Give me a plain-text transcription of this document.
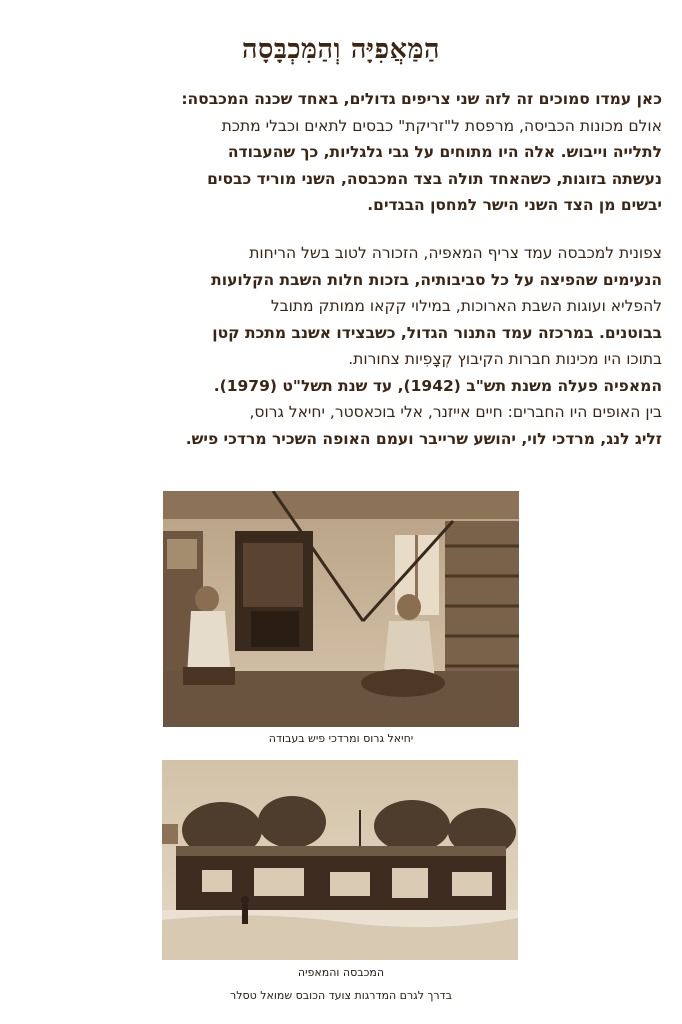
הַמַּאֲפִיָּה וְהַמִּכְבָּסָה

כאן עמדו סמוכים זה לזה שני צריפים גדולים, באחד שכנה המכבסה:

אולם מכונות הכביסה, מרפסת ל"זריקת" כבסים לתאים וכבלי מתכת

לתלייה וייבוש. אלה היו מתוחים על גבי גלגליות, כך שהעבודה

נעשתה בזוגות, כשהאחד תולה בצד המכבסה, השני מוריד כבסים

יבשים מן הצד השני הישר למחסן הבגדים.

צפונית למכבסה עמד צריף המאפיה, הזכורה לטוב בשל הריחות

הנעימים שהפיצה על כל סביבותיה, בזכות חלות השבת הקלועות

להפליא ועוגות השבת הארוכות, במילוי קקאו ממותק מתובל

בבוטנים. במרכזה עמד התנור הגדול, כשבצידו אשנב מתכת קטן

בתוכו היו מכינות חברות הקיבוץ קְצָפִיות צחורות.

המאפיה פעלה משנת תש"ב (1942), עד שנת תשל"ט (1979).

בין האופים היו החברים: חיים אייזנר, אלי בוכאסטר, יחיאל גרוס,

זליג לנג, מרדכי לוי, יהושע שרייבר ועמם האופה השכיר מרדכי פיש.

יחיאל גרוס ומרדכי פיש בעבודה
המכבסה והמאפיה
בדרך לגרם המדרגות צועד הכובס שמואל טסלר
